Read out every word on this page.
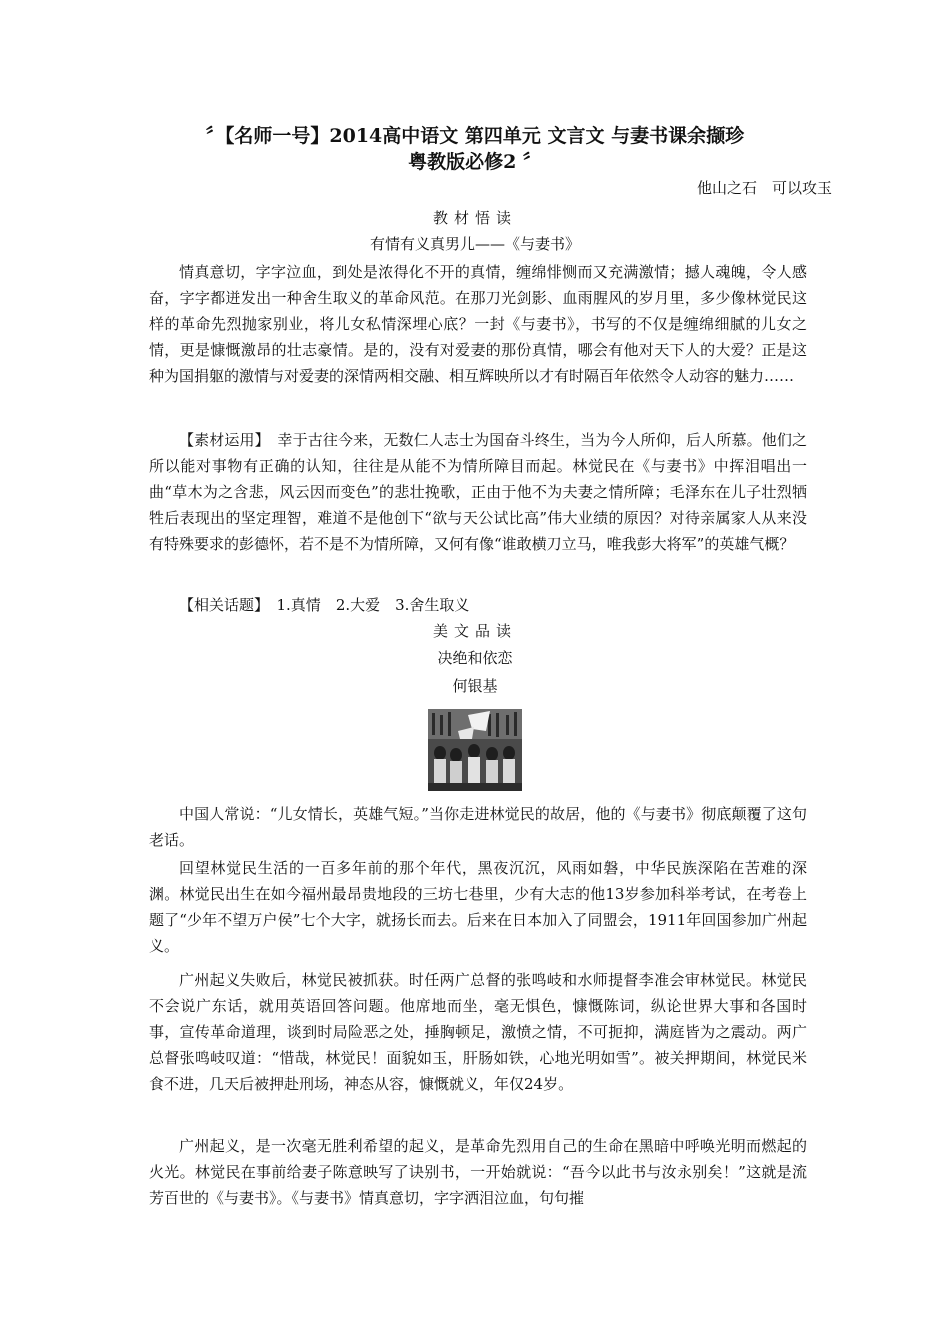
〞【名师一号】2014高中语文 第四单元 文言文 与妻书课余撷珍
粤教版必修2 〞

他山之石　可以攻玉

教材悟读

有情有义真男儿——《与妻书》

情真意切，字字泣血，到处是浓得化不开的真情，缠绵悱恻而又充满激情；撼人魂魄，令人感奋，字字都迸发出一种舍生取义的革命风范。在那刀光剑影、血雨腥风的岁月里，多少像林觉民这样的革命先烈抛家别业，将儿女私情深埋心底？一封《与妻书》，书写的不仅是缠绵细腻的儿女之情，更是慷慨激昂的壮志豪情。是的，没有对爱妻的那份真情，哪会有他对天下人的大爱？正是这种为国捐躯的激情与对爱妻的深情两相交融、相互辉映所以才有时隔百年依然令人动容的魅力……

【素材运用】　幸于古往今来，无数仁人志士为国奋斗终生，当为今人所仰，后人所慕。他们之所以能对事物有正确的认知，往往是从能不为情所障目而起。林觉民在《与妻书》中挥泪唱出一曲“草木为之含悲，风云因而变色”的悲壮挽歌，正由于他不为夫妻之情所障；毛泽东在儿子壮烈牺牲后表现出的坚定理智，难道不是他创下“欲与天公试比高”伟大业绩的原因？对待亲属家人从来没有特殊要求的彭德怀，若不是不为情所障，又何有像“谁敢横刀立马，唯我彭大将军”的英雄气概？

【相关话题】　1.真情　2.大爱　3.舍生取义

美文品读

决绝和依恋

何银基

中国人常说：“儿女情长，英雄气短。”当你走进林觉民的故居，他的《与妻书》彻底颠覆了这句老话。

回望林觉民生活的一百多年前的那个年代，黑夜沉沉，风雨如磐，中华民族深陷在苦难的深渊。林觉民出生在如今福州最昂贵地段的三坊七巷里，少有大志的他13岁参加科举考试，在考卷上题了“少年不望万户侯”七个大字，就扬长而去。后来在日本加入了同盟会，1911年回国参加广州起义。

广州起义失败后，林觉民被抓获。时任两广总督的张鸣岐和水师提督李准会审林觉民。林觉民不会说广东话，就用英语回答问题。他席地而坐，毫无惧色，慷慨陈词，纵论世界大事和各国时事，宣传革命道理，谈到时局险恶之处，捶胸顿足，激愤之情，不可扼抑，满庭皆为之震动。两广总督张鸣岐叹道：“惜哉，林觉民！面貌如玉，肝肠如铁，心地光明如雪”。被关押期间，林觉民米食不进，几天后被押赴刑场，神态从容，慷慨就义，年仅24岁。

广州起义，是一次毫无胜利希望的起义，是革命先烈用自己的生命在黑暗中呼唤光明而燃起的火光。林觉民在事前给妻子陈意映写了诀别书，一开始就说：“吾今以此书与汝永别矣！”这就是流芳百世的《与妻书》。《与妻书》情真意切，字字洒泪泣血，句句摧
